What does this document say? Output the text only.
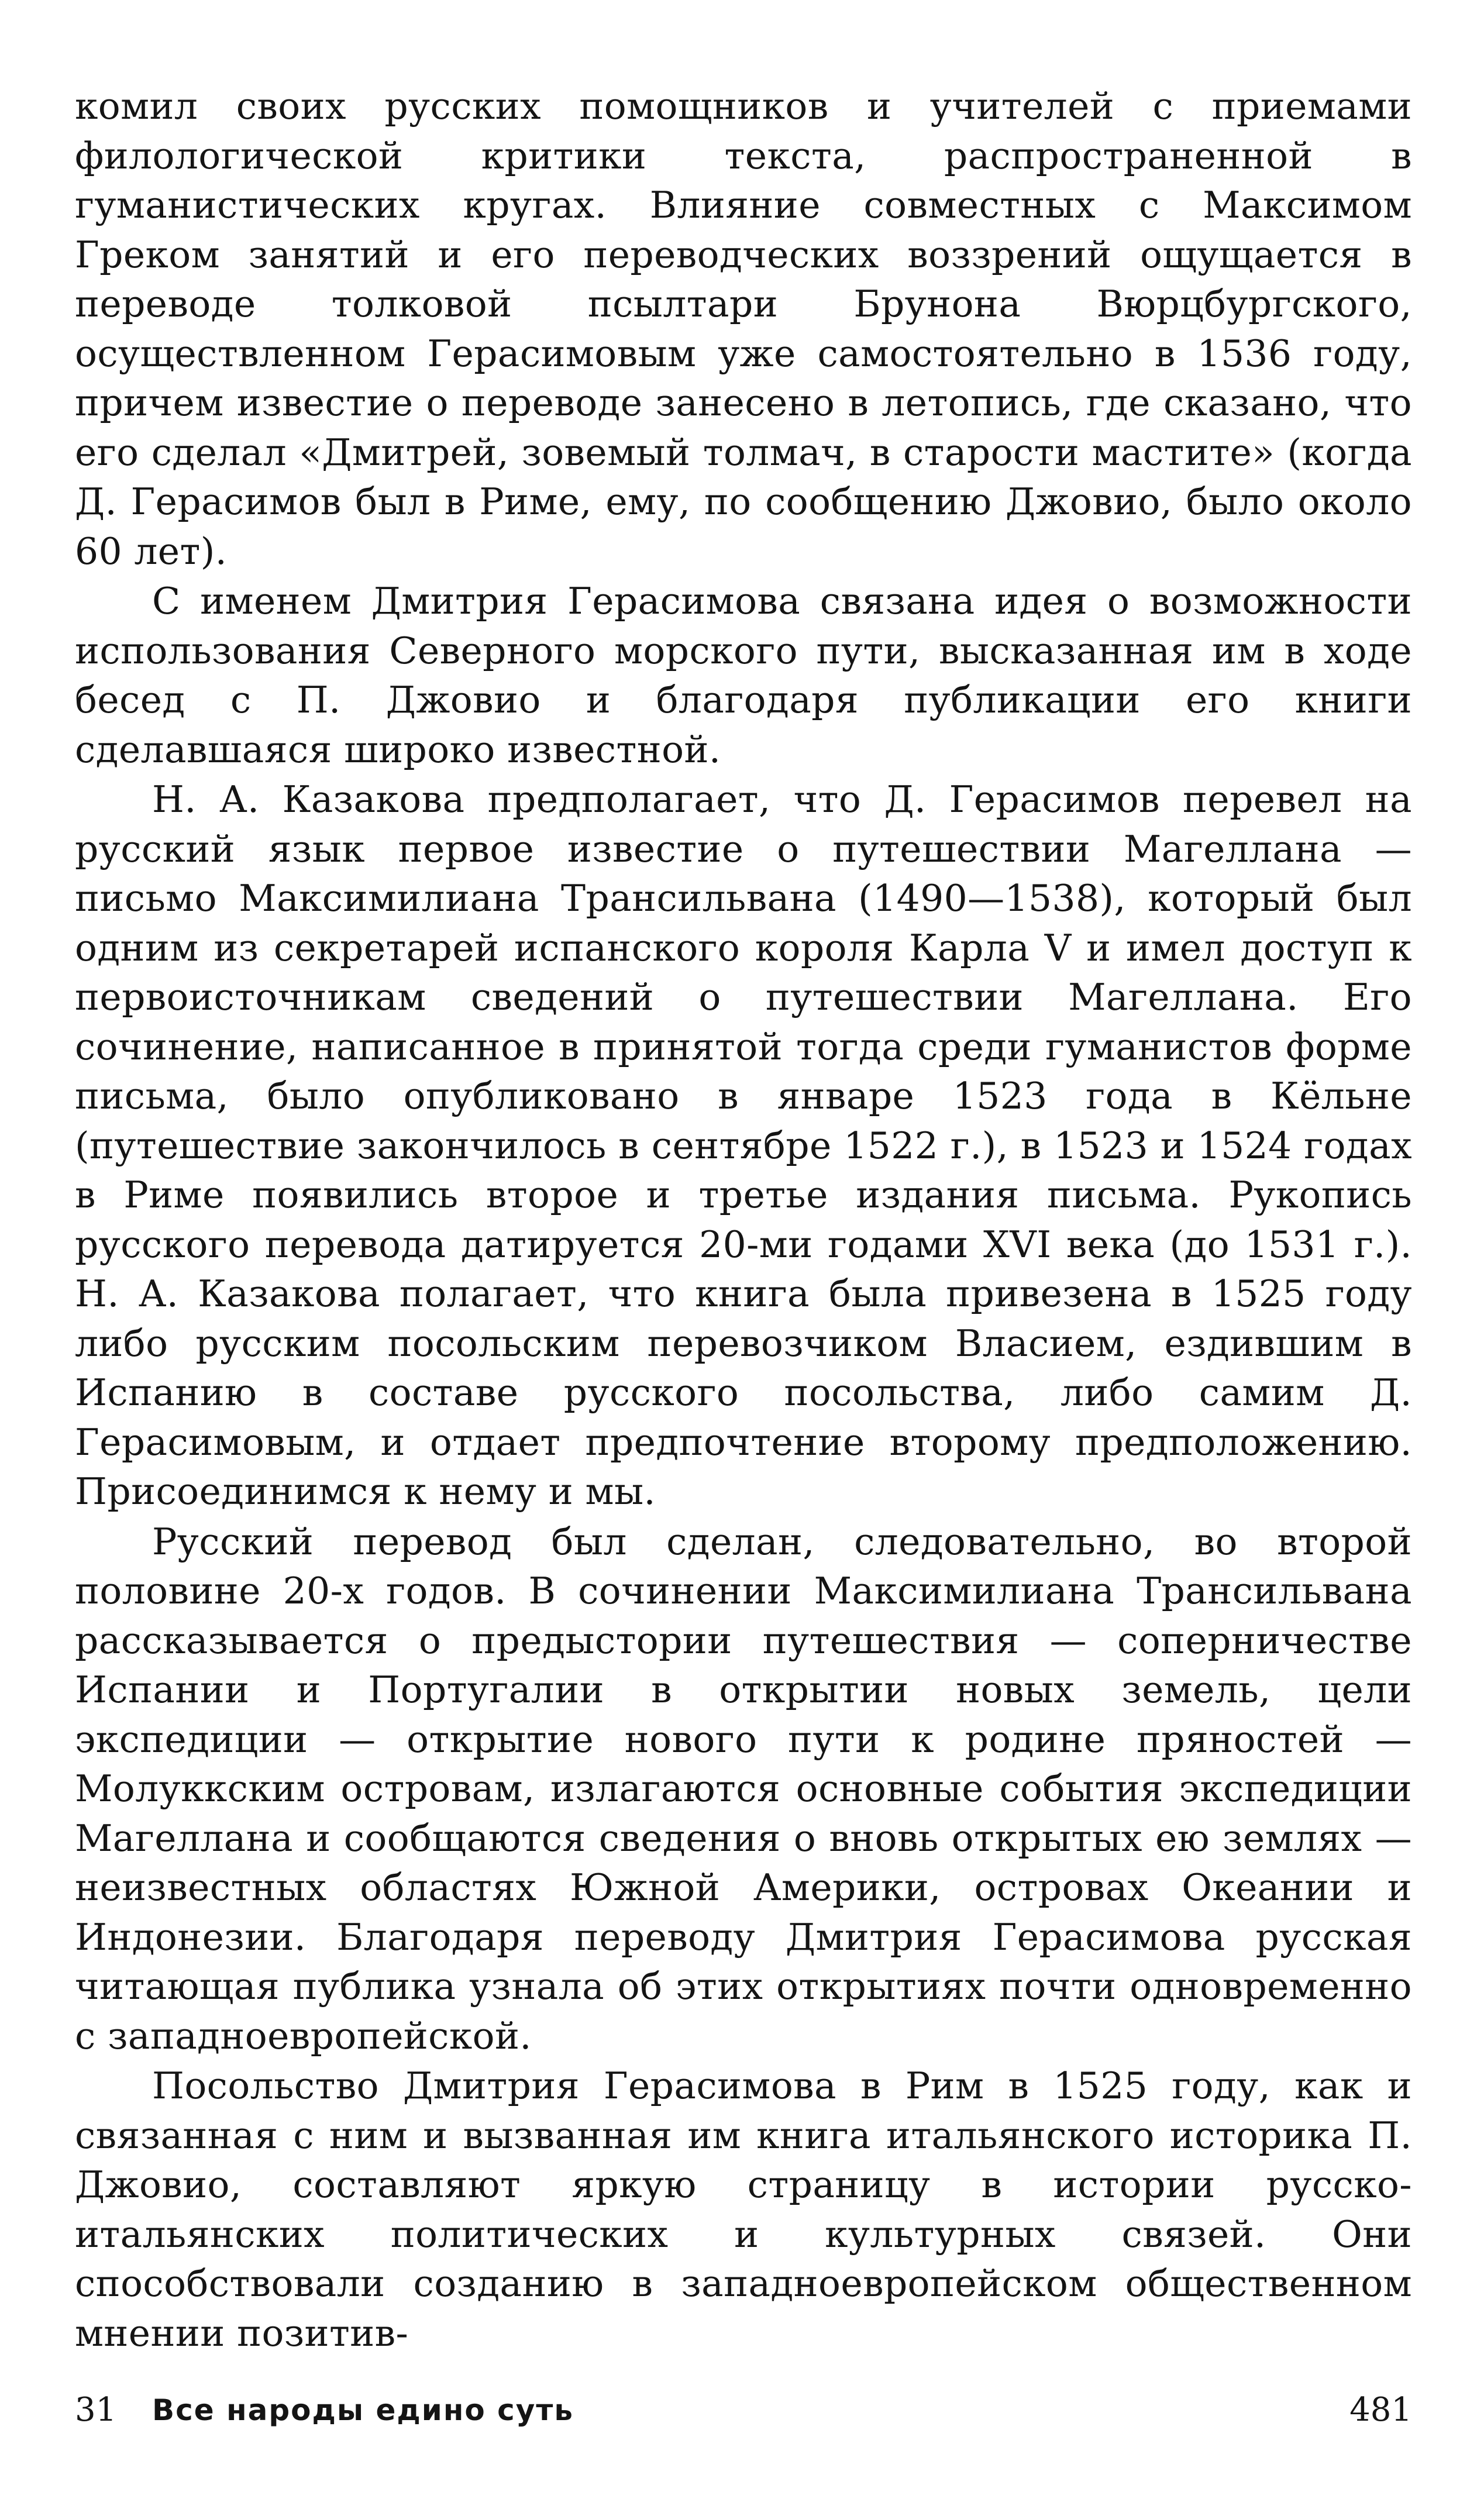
комил своих русских помощников и учителей с приемами филологической критики текста, распространенной в гуманистических кругах. Влияние совместных с Максимом Греком занятий и его переводческих воззрений ощущается в переводе толковой псылтари Брунона Вюрцбургского, осуществленном Герасимовым уже самостоятельно в 1536 году, причем известие о переводе занесено в летопись, где сказано, что его сделал «Дмитрей, зовемый толмач, в старости мастите» (когда Д. Герасимов был в Риме, ему, по сообщению Джовио, было около 60 лет).

С именем Дмитрия Герасимова связана идея о возможности использования Северного морского пути, высказанная им в ходе бесед с П. Джовио и благодаря публикации его книги сделавшаяся широко известной.

Н. А. Казакова предполагает, что Д. Герасимов перевел на русский язык первое известие о путешествии Магеллана — письмо Максимилиана Трансильвана (1490—1538), который был одним из секретарей испанского короля Карла V и имел доступ к первоисточникам сведений о путешествии Магеллана. Его сочинение, написанное в принятой тогда среди гуманистов форме письма, было опубликовано в январе 1523 года в Кёльне (путешествие закончилось в сентябре 1522 г.), в 1523 и 1524 годах в Риме появились второе и третье издания письма. Рукопись русского перевода датируется 20-ми годами XVI века (до 1531 г.). Н. А. Казакова полагает, что книга была привезена в 1525 году либо русским посольским перевозчиком Власием, ездившим в Испанию в составе русского посольства, либо самим Д. Герасимовым, и отдает предпочтение второму предположению. Присоединимся к нему и мы.

Русский перевод был сделан, следовательно, во второй половине 20-х годов. В сочинении Максимилиана Трансильвана рассказывается о предыстории путешествия — соперничестве Испании и Португалии в открытии новых земель, цели экспедиции — открытие нового пути к родине пряностей — Молуккским островам, излагаются основные события экспедиции Магеллана и сообщаются сведения о вновь открытых ею землях — неизвестных областях Южной Америки, островах Океании и Индонезии. Благодаря переводу Дмитрия Герасимова русская читающая публика узнала об этих открытиях почти одновременно с западноевропейской.

Посольство Дмитрия Герасимова в Рим в 1525 году, как и связанная с ним и вызванная им книга итальянского историка П. Джовио, составляют яркую страницу в истории русско-итальянских политических и культурных связей. Они способствовали созданию в западноевропейском общественном мнении позитив-

31 Все народы едино суть	481
